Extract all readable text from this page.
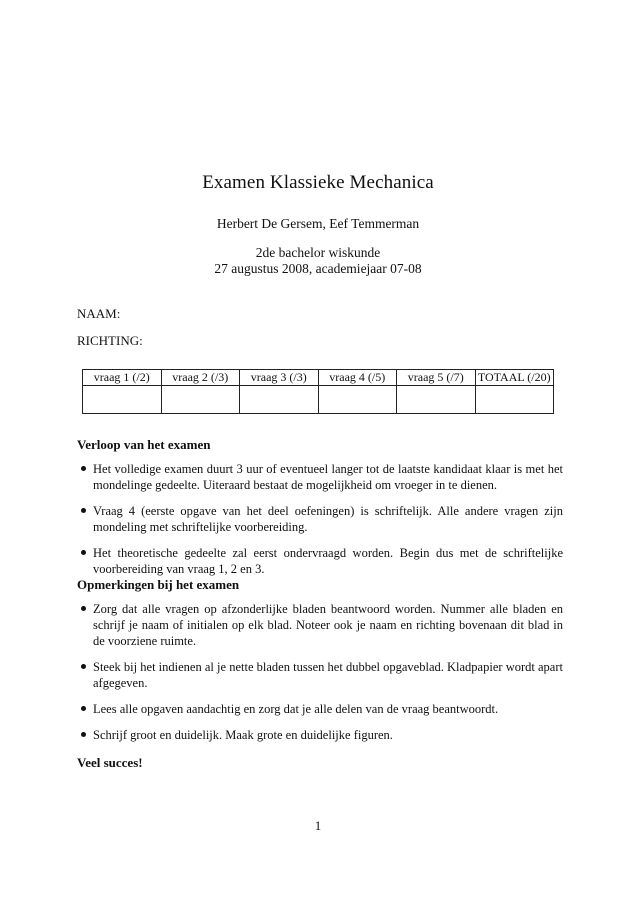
Examen Klassieke Mechanica
Herbert De Gersem, Eef Temmerman
2de bachelor wiskunde
27 augustus 2008, academiejaar 07-08
NAAM:
RICHTING:
vraag 1 (/2)	vraag 2 (/3)	vraag 3 (/3)	vraag 4 (/5)	vraag 5 (/7)	TOTAAL (/20)

Verloop van het examen
Het volledige examen duurt 3 uur of eventueel langer tot de laatste kandidaat klaar is met het mondelinge gedeelte. Uiteraard bestaat de mogelijkheid om vroeger in te dienen.
Vraag 4 (eerste opgave van het deel oefeningen) is schriftelijk. Alle andere vragen zijn mondeling met schriftelijke voorbereiding.
Het theoretische gedeelte zal eerst ondervraagd worden. Begin dus met de schriftelijke voorbereiding van vraag 1, 2 en 3.
Opmerkingen bij het examen
Zorg dat alle vragen op afzonderlijke bladen beantwoord worden. Nummer alle bladen en schrijf je naam of initialen op elk blad. Noteer ook je naam en richting bovenaan dit blad in de voorziene ruimte.
Steek bij het indienen al je nette bladen tussen het dubbel opgaveblad. Kladpapier wordt apart afgegeven.
Lees alle opgaven aandachtig en zorg dat je alle delen van de vraag beantwoordt.
Schrijf groot en duidelijk. Maak grote en duidelijke figuren.
Veel succes!
1
